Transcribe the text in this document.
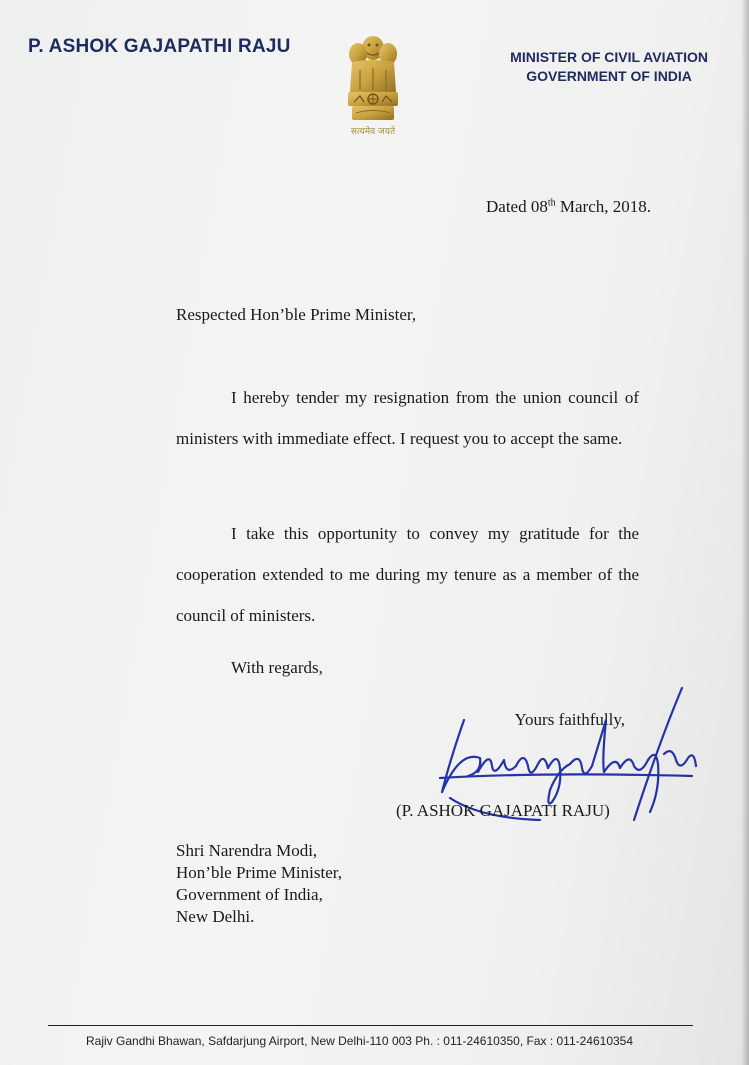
P. ASHOK GAJAPATHI RAJU
सत्यमेव जयते
MINISTER OF CIVIL AVIATION
GOVERNMENT OF INDIA
Dated 08th March, 2018.
Respected Hon’ble Prime Minister,
I hereby tender my resignation from the union council of ministers with immediate effect. I request you to accept the same.
I take this opportunity to convey my gratitude for the cooperation extended to me during my tenure as a member of the council of ministers.
With regards,
Yours faithfully,
(P. ASHOK GAJAPATI RAJU)
Shri Narendra Modi,
Hon’ble Prime Minister,
Government of India,
New Delhi.
Rajiv Gandhi Bhawan, Safdarjung Airport, New Delhi-110 003 Ph. : 011-24610350, Fax : 011-24610354
